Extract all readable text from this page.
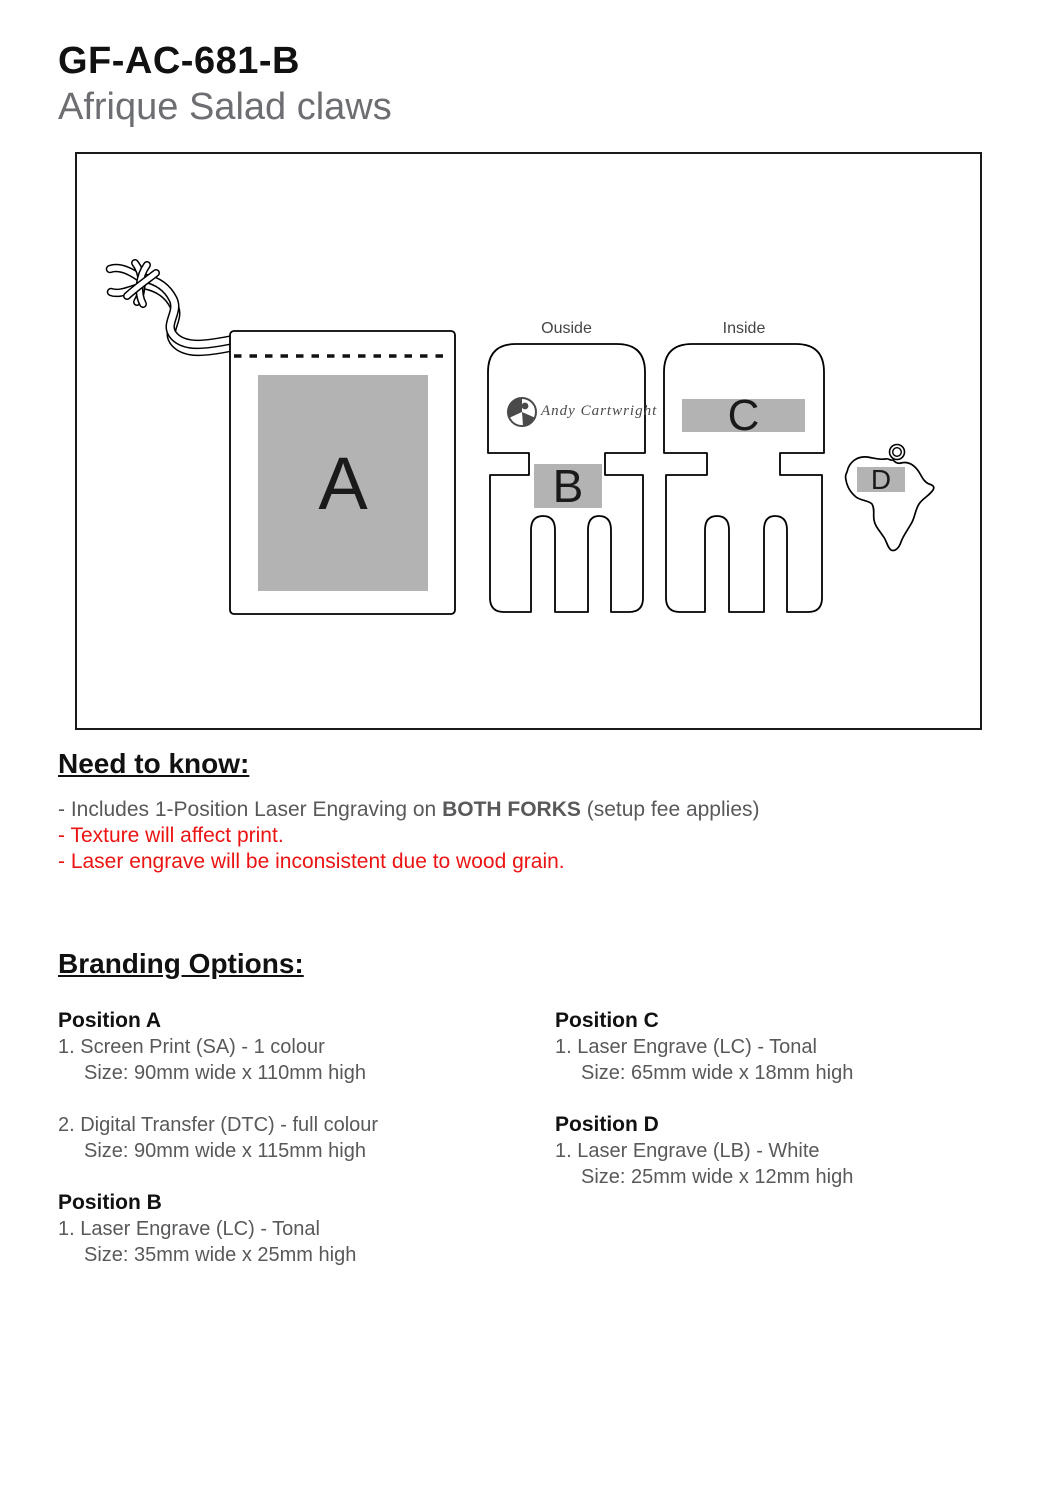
GF-AC-681-B
Afrique Salad claws
Ouside	Inside
Andy Cartwright
A	B
C
D
Need to know:
- Includes 1-Position Laser Engraving on BOTH FORKS (setup fee applies)
- Texture will affect print.
- Laser engrave will be inconsistent due to wood grain.
Branding Options:
Position A
1. Screen Print (SA) - 1 colour
Size: 90mm wide x 110mm high
2. Digital Transfer (DTC) - full colour
Size: 90mm wide x 115mm high
Position B
1. Laser Engrave (LC) - Tonal
Size: 35mm wide x 25mm high
Position C
1. Laser Engrave (LC) - Tonal
Size: 65mm wide x 18mm high
Position D
1. Laser Engrave (LB) - White
Size: 25mm wide x 12mm high
